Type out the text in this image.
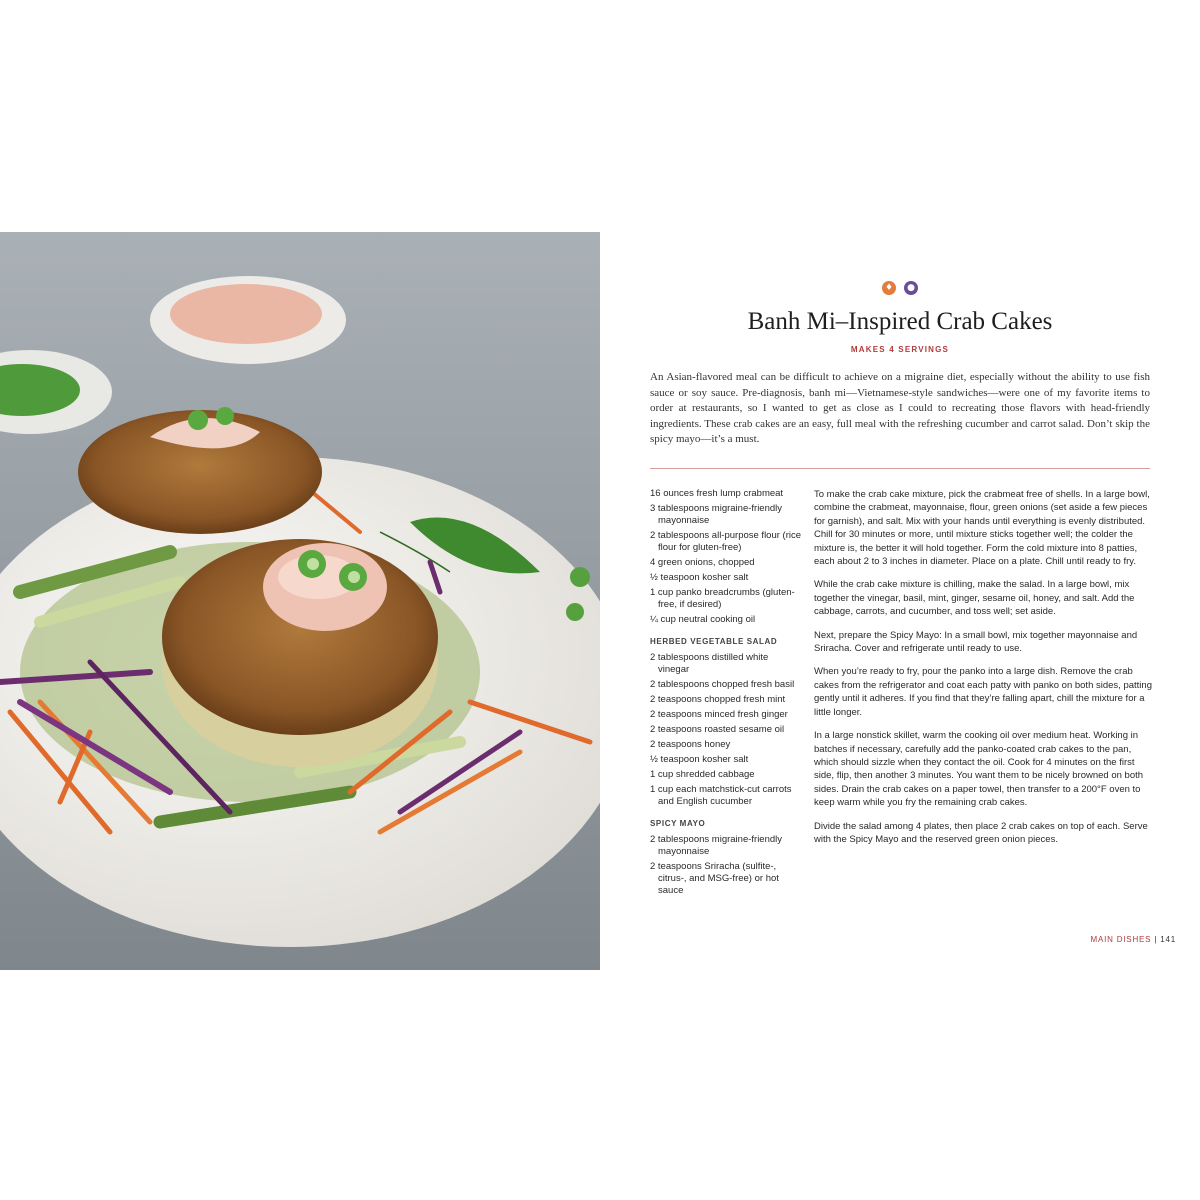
♦ ●
Banh Mi–Inspired Crab Cakes
MAKES 4 SERVINGS

An Asian-flavored meal can be difficult to achieve on a migraine diet, especially without the ability to use fish sauce or soy sauce. Pre-diagnosis, banh mi—Vietnamese-style sandwiches—were one of my favorite items to order at restaurants, so I wanted to get as close as I could to recreating those flavors with head-friendly ingredients. These crab cakes are an easy, full meal with the refreshing cucumber and carrot salad. Don’t skip the spicy mayo—it’s a must.

16 ounces fresh lump crabmeat

3 tablespoons migraine-friendly mayonnaise

2 tablespoons all-purpose flour (rice flour for gluten-free)

4 green onions, chopped

½ teaspoon kosher salt

1 cup panko breadcrumbs (gluten-free, if desired)

¼ cup neutral cooking oil

HERBED VEGETABLE SALAD

2 tablespoons distilled white vinegar

2 tablespoons chopped fresh basil

2 teaspoons chopped fresh mint

2 teaspoons minced fresh ginger

2 teaspoons roasted sesame oil

2 teaspoons honey

½ teaspoon kosher salt

1 cup shredded cabbage

1 cup each matchstick-cut carrots and English cucumber

SPICY MAYO

2 tablespoons migraine-friendly mayonnaise

2 teaspoons Sriracha (sulfite-, citrus-, and MSG-free) or hot sauce

To make the crab cake mixture, pick the crabmeat free of shells. In a large bowl, combine the crabmeat, mayonnaise, flour, green onions (set aside a few pieces for garnish), and salt. Mix with your hands until everything is evenly distributed. Chill for 30 minutes or more, until mixture sticks together well; the colder the mixture is, the better it will hold together. Form the cold mixture into 8 patties, each about 2 to 3 inches in diameter. Place on a plate. Chill until ready to fry.

While the crab cake mixture is chilling, make the salad. In a large bowl, mix together the vinegar, basil, mint, ginger, sesame oil, honey, and salt. Add the cabbage, carrots, and cucumber, and toss well; set aside.

Next, prepare the Spicy Mayo: In a small bowl, mix together mayonnaise and Sriracha. Cover and refrigerate until ready to use.

When you’re ready to fry, pour the panko into a large dish. Remove the crab cakes from the refrigerator and coat each patty with panko on both sides, patting gently until it adheres. If you find that they’re falling apart, chill the mixture for a little longer.

In a large nonstick skillet, warm the cooking oil over medium heat. Working in batches if necessary, carefully add the panko-coated crab cakes to the pan, which should sizzle when they contact the oil. Cook for 4 minutes on the first side, flip, then another 3 minutes. You want them to be nicely browned on both sides. Drain the crab cakes on a paper towel, then transfer to a 200°F oven to keep warm while you fry the remaining crab cakes.

Divide the salad among 4 plates, then place 2 crab cakes on top of each. Serve with the Spicy Mayo and the reserved green onion pieces.

MAIN DISHES | 141
